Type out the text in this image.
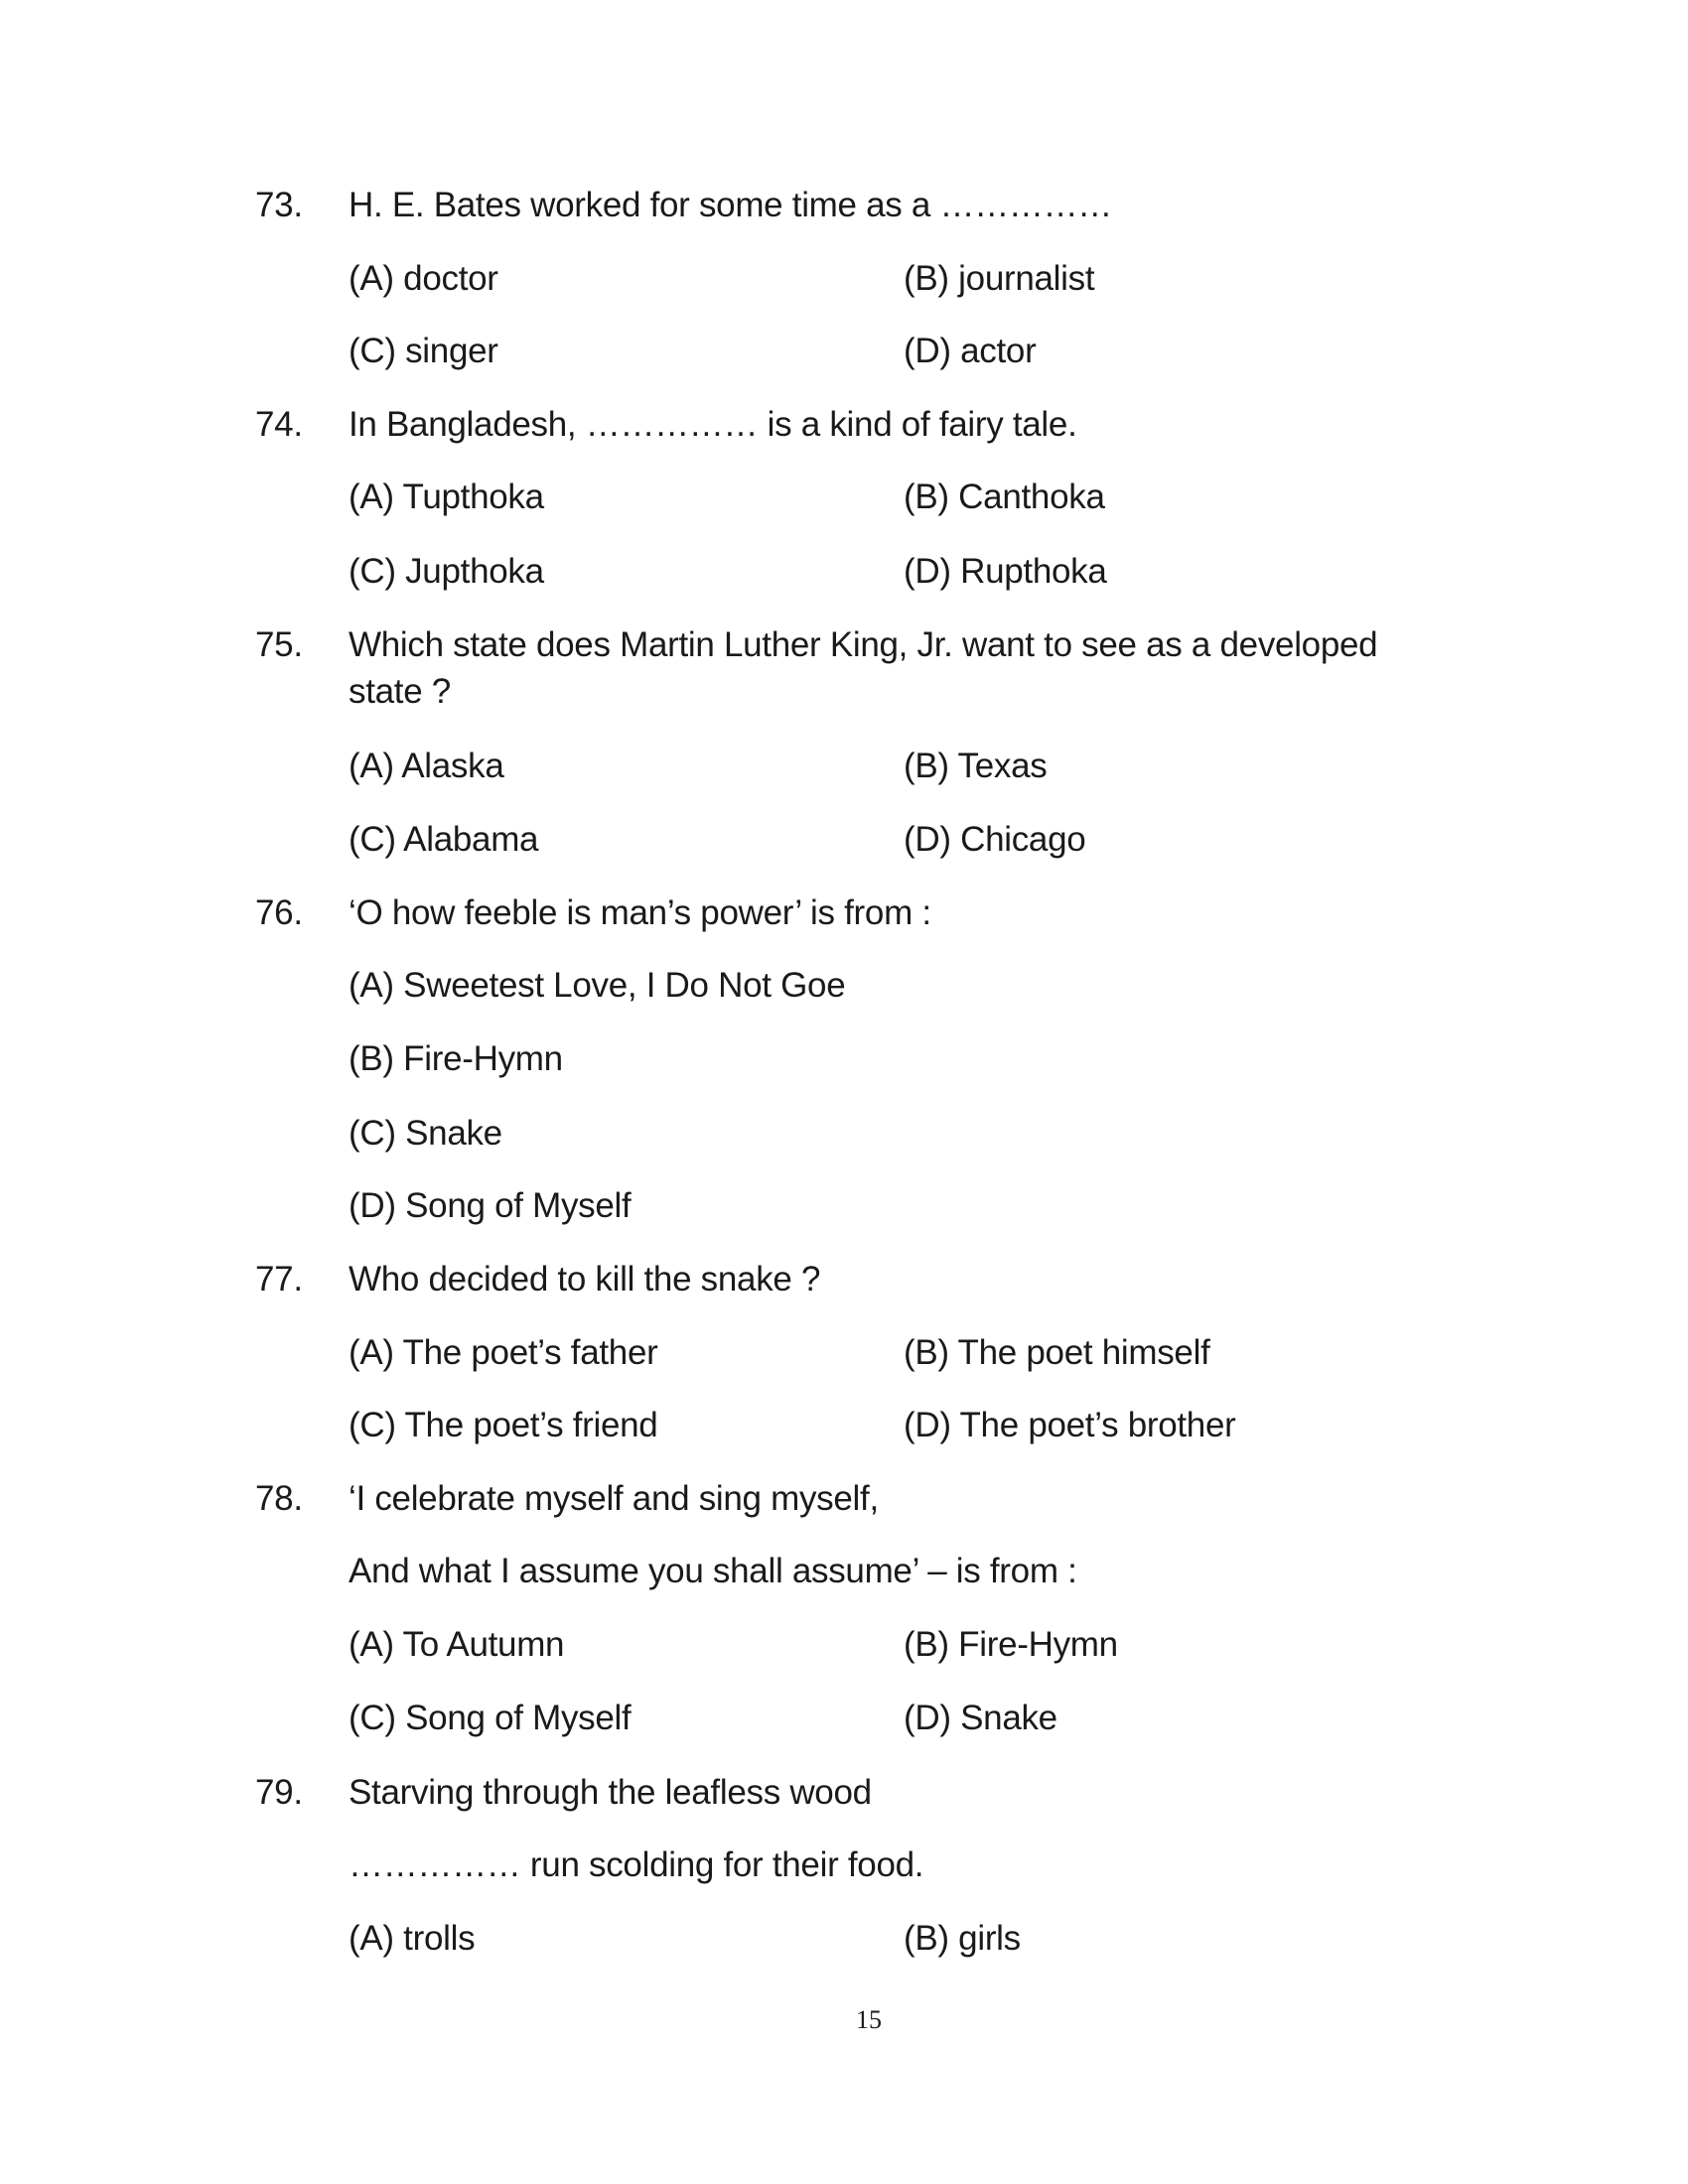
73. H. E. Bates worked for some time as a ……………
(A) doctor	(B) journalist
(C) singer	(D) actor
74. In Bangladesh, …………… is a kind of fairy tale.
(A) Tupthoka	(B) Canthoka
(C) Jupthoka	(D) Rupthoka
75. Which state does Martin Luther King, Jr. want to see as a developed
state ?
(A) Alaska	(B) Texas
(C) Alabama	(D) Chicago
76. ‘O how feeble is man’s power’ is from :
(A) Sweetest Love, I Do Not Goe
(B) Fire-Hymn
(C) Snake
(D) Song of Myself
77. Who decided to kill the snake ?
(A) The poet’s father	(B) The poet himself
(C) The poet’s friend	(D) The poet’s brother
78. ‘I celebrate myself and sing myself,
And what I assume you shall assume’ – is from :
(A) To Autumn	(B) Fire-Hymn
(C) Song of Myself	(D) Snake
79. Starving through the leafless wood
…………… run scolding for their food.
(A) trolls	(B) girls
15
